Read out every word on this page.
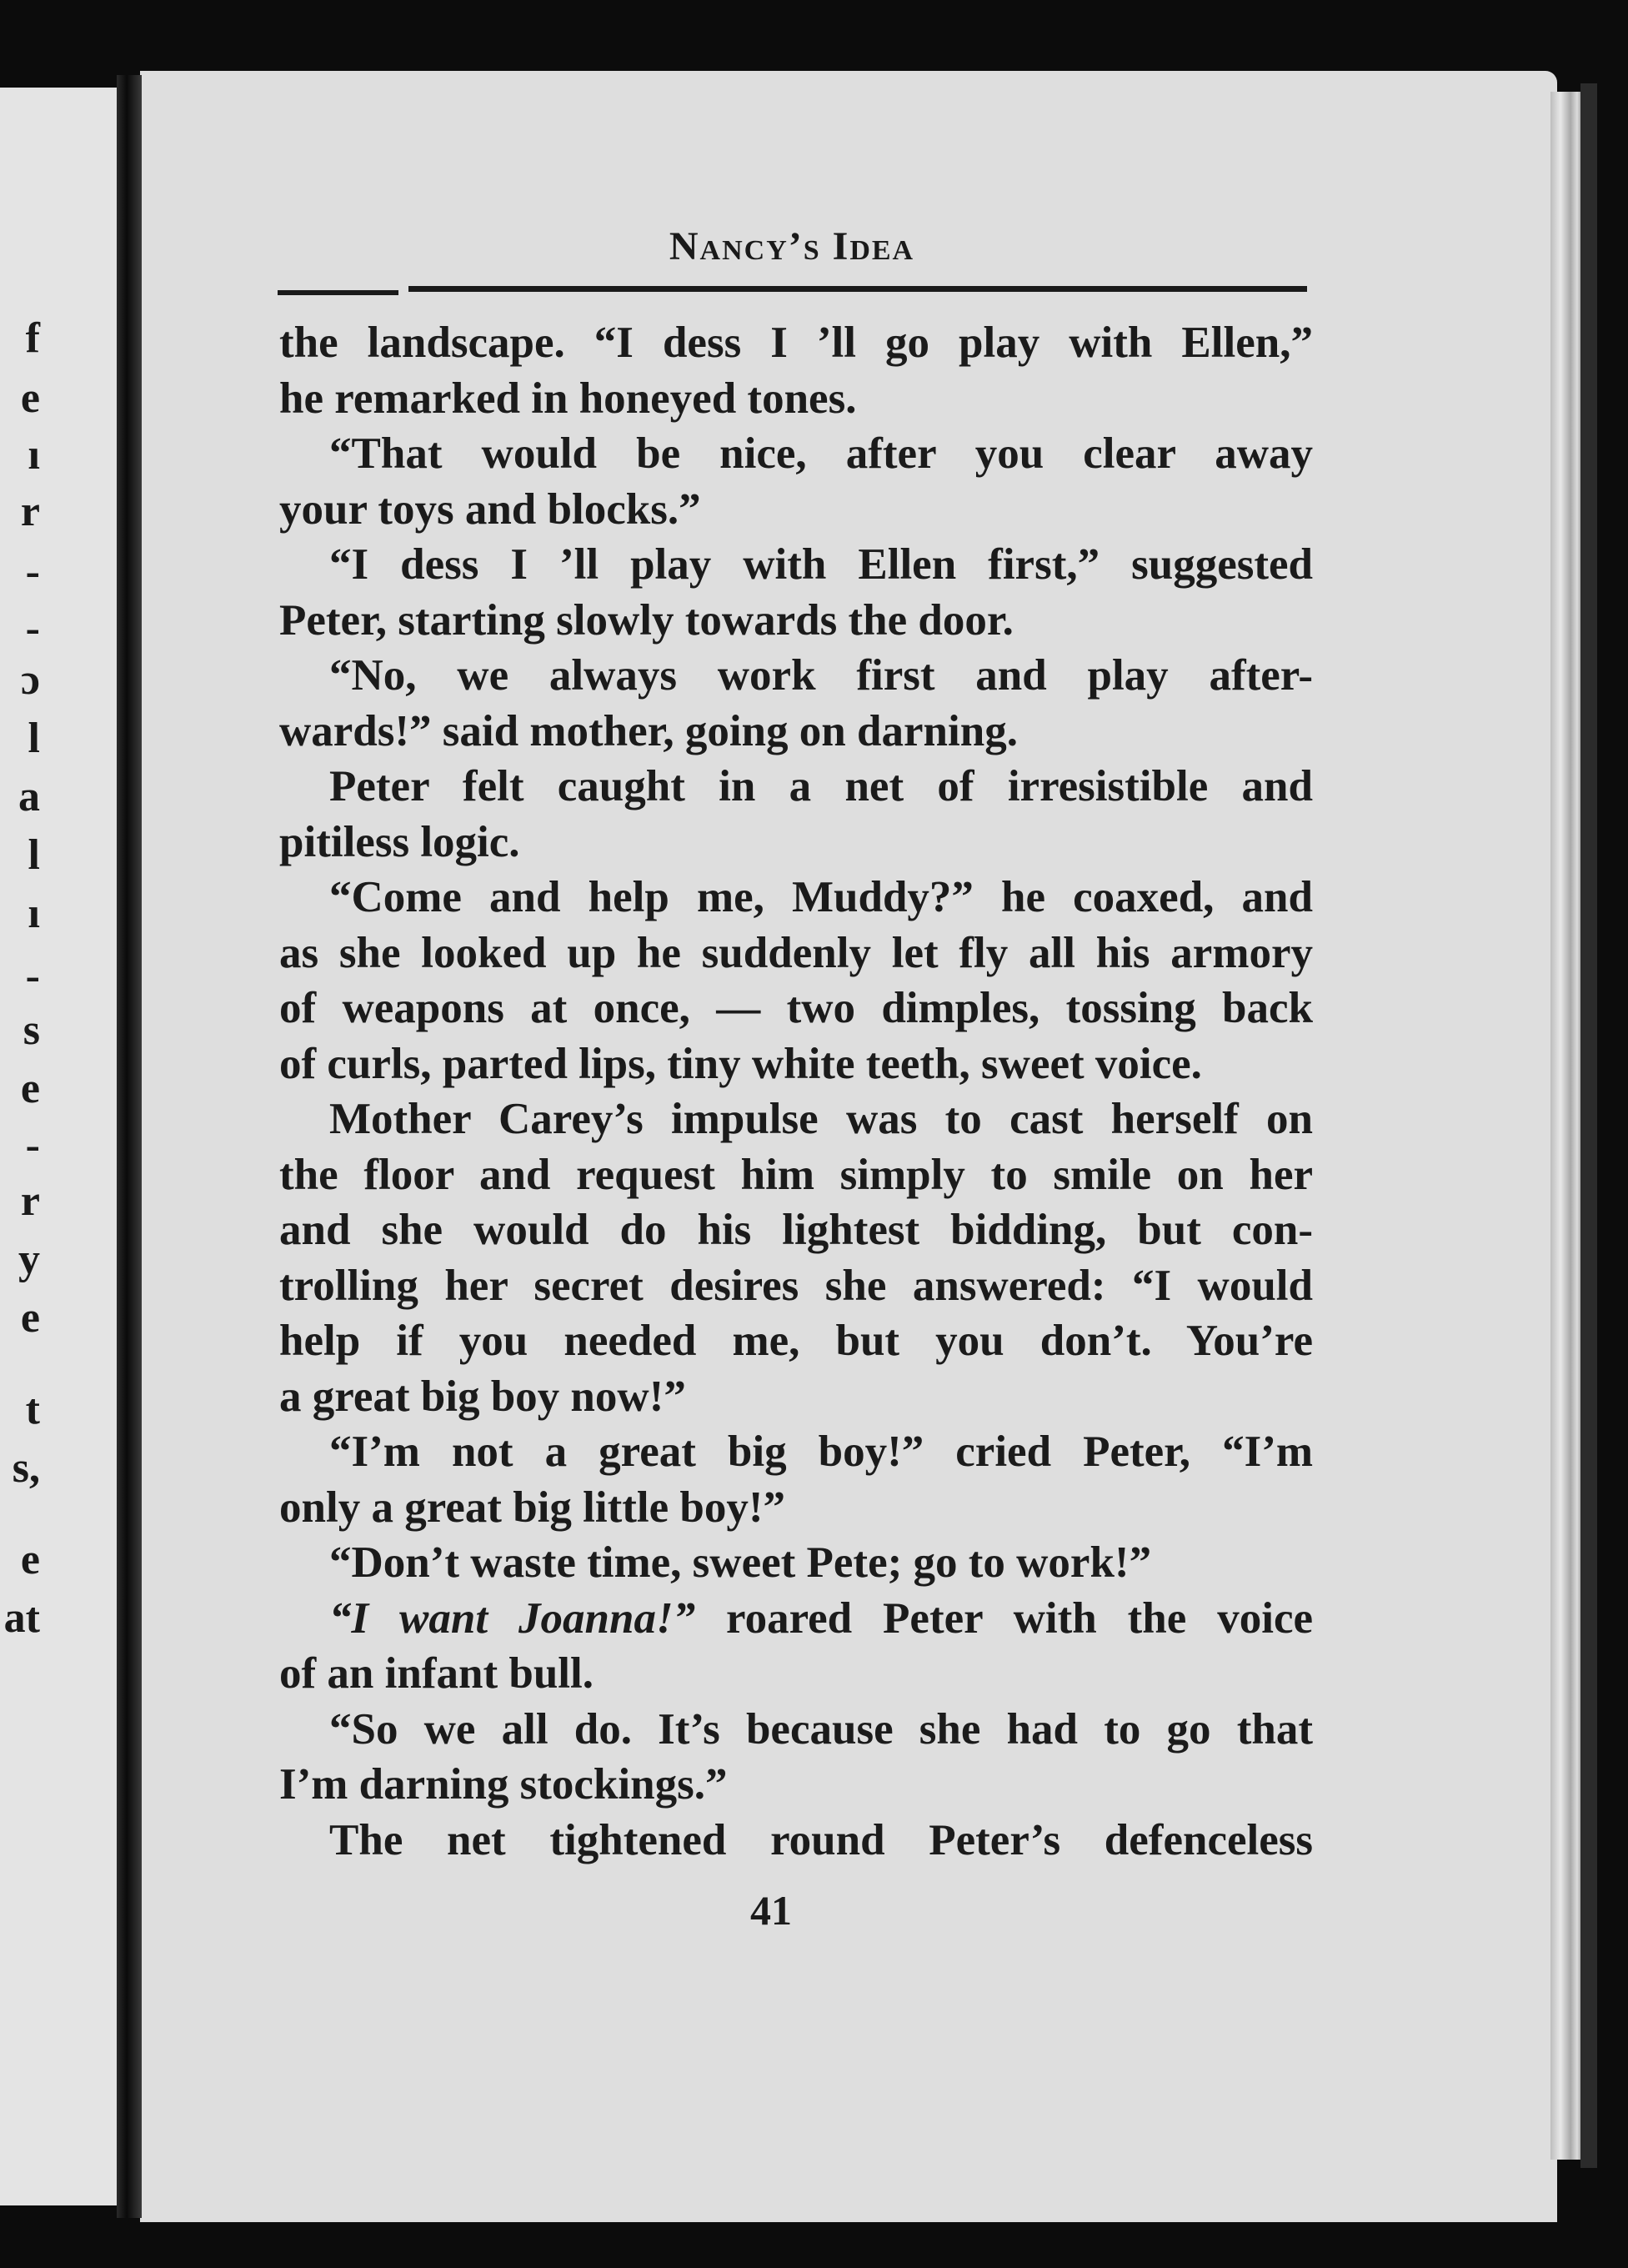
f
e
ı
r
-
-
ɔ
l
a
l
ı
-
s
e
-
r
y
e
t
s,
e
at
Nancy’s Idea
the landscape. “I dess I ’ll go play with Ellen,”
he remarked in honeyed tones.
“That would be nice, after you clear away
your toys and blocks.”
“I dess I ’ll play with Ellen first,” suggested
Peter, starting slowly towards the door.
“No, we always work first and play after-
wards!” said mother, going on darning.
Peter felt caught in a net of irresistible and
pitiless logic.
“Come and help me, Muddy?” he coaxed, and
as she looked up he suddenly let fly all his armory
of weapons at once, — two dimples, tossing back
of curls, parted lips, tiny white teeth, sweet voice.
Mother Carey’s impulse was to cast herself on
the floor and request him simply to smile on her
and she would do his lightest bidding, but con-
trolling her secret desires she answered: “I would
help if you needed me, but you don’t. You’re
a great big boy now!”
“I’m not a great big boy!” cried Peter, “I’m
only a great big little boy!”
“Don’t waste time, sweet Pete; go to work!”
“I want Joanna!” roared Peter with the voice
of an infant bull.
“So we all do. It’s because she had to go that
I’m darning stockings.”
The net tightened round Peter’s defenceless
41
